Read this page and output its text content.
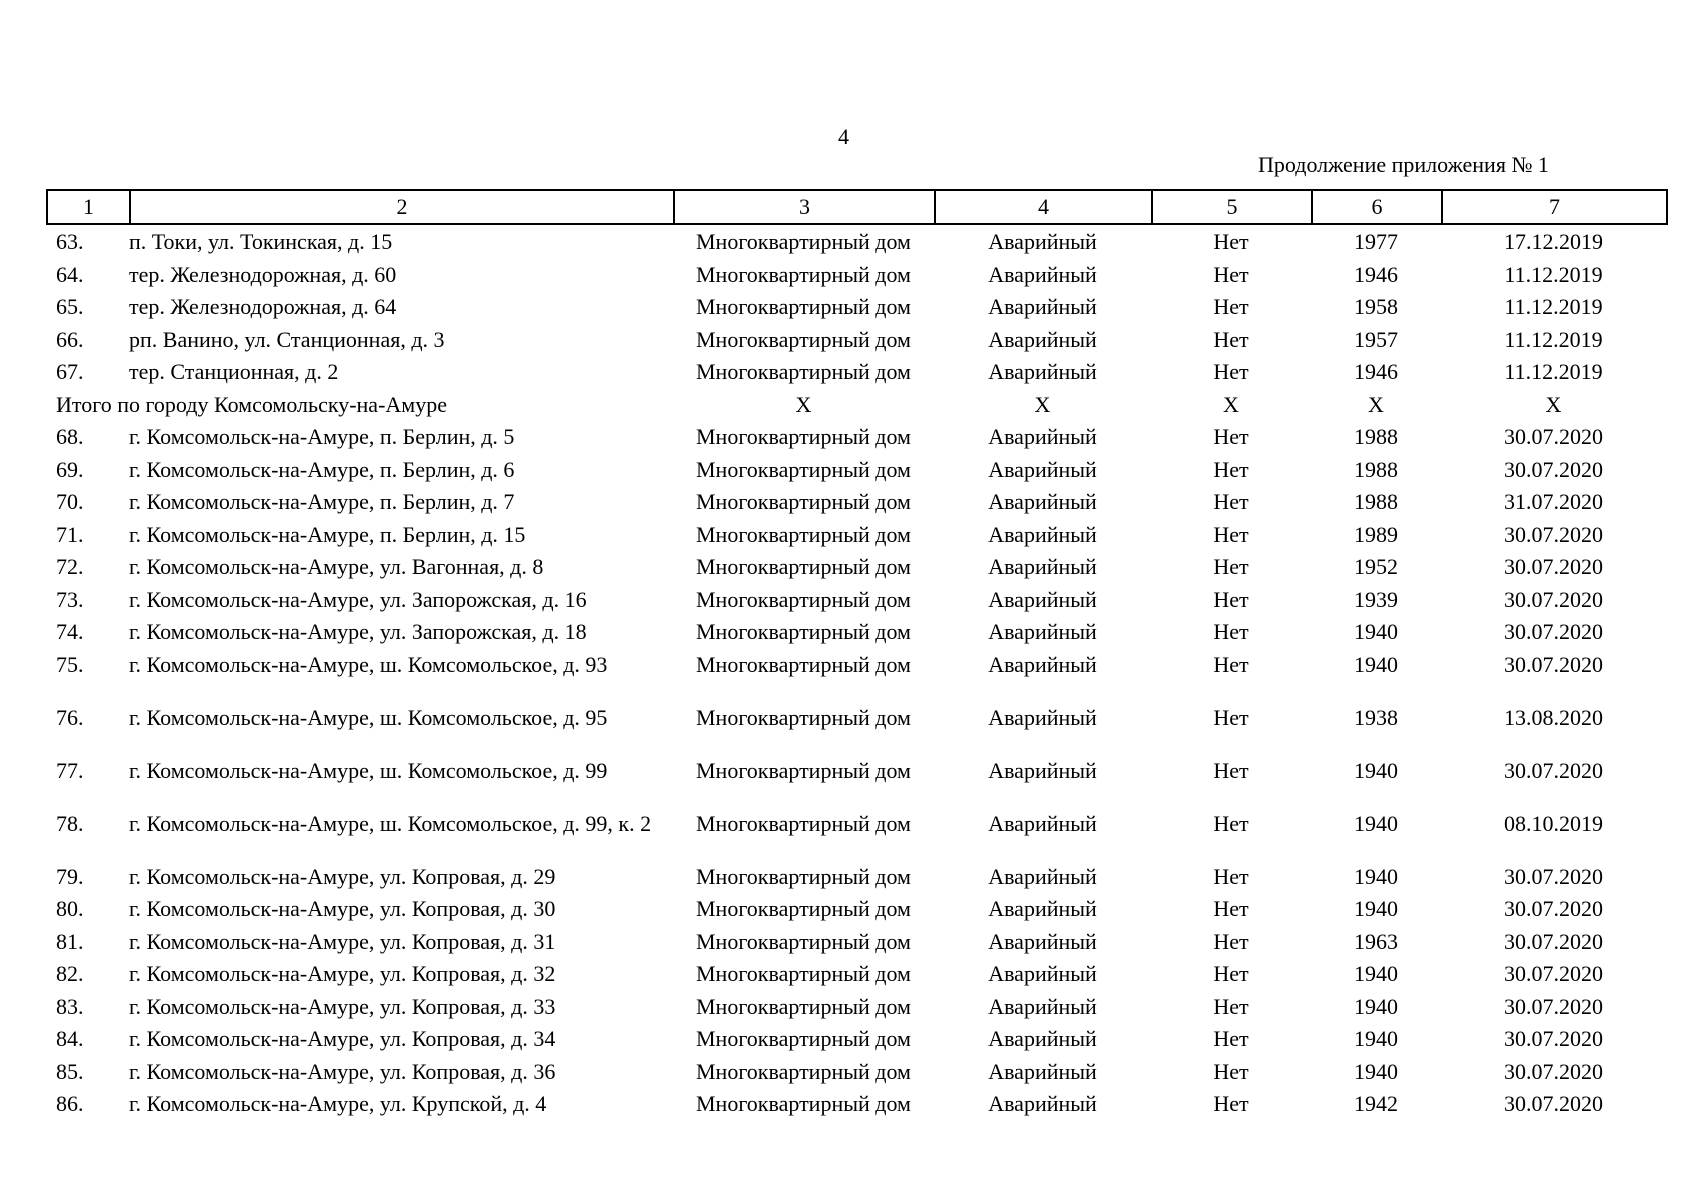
4
Продолжение приложения № 1
1	2	3	4	5	6	7
63.	п. Токи, ул. Токинская, д. 15	Многоквартирный дом	Аварийный	Нет	1977	17.12.2019
64.	тер. Железнодорожная, д. 60	Многоквартирный дом	Аварийный	Нет	1946	11.12.2019
65.	тер. Железнодорожная, д. 64	Многоквартирный дом	Аварийный	Нет	1958	11.12.2019
66.	рп. Ванино, ул. Станционная, д. 3	Многоквартирный дом	Аварийный	Нет	1957	11.12.2019
67.	тер. Станционная, д. 2	Многоквартирный дом	Аварийный	Нет	1946	11.12.2019
Итого по городу Комсомольску-на-Амуре		Х	Х	Х	Х	Х
68.	г. Комсомольск-на-Амуре, п. Берлин, д. 5	Многоквартирный дом	Аварийный	Нет	1988	30.07.2020
69.	г. Комсомольск-на-Амуре, п. Берлин, д. 6	Многоквартирный дом	Аварийный	Нет	1988	30.07.2020
70.	г. Комсомольск-на-Амуре, п. Берлин, д. 7	Многоквартирный дом	Аварийный	Нет	1988	31.07.2020
71.	г. Комсомольск-на-Амуре, п. Берлин, д. 15	Многоквартирный дом	Аварийный	Нет	1989	30.07.2020
72.	г. Комсомольск-на-Амуре, ул. Вагонная, д. 8	Многоквартирный дом	Аварийный	Нет	1952	30.07.2020
73.	г. Комсомольск-на-Амуре, ул. Запорожская, д. 16	Многоквартирный дом	Аварийный	Нет	1939	30.07.2020
74.	г. Комсомольск-на-Амуре, ул. Запорожская, д. 18	Многоквартирный дом	Аварийный	Нет	1940	30.07.2020
75.	г. Комсомольск-на-Амуре, ш. Комсомольское, д. 93	Многоквартирный дом	Аварийный	Нет	1940	30.07.2020
76.	г. Комсомольск-на-Амуре, ш. Комсомольское, д. 95	Многоквартирный дом	Аварийный	Нет	1938	13.08.2020
77.	г. Комсомольск-на-Амуре, ш. Комсомольское, д. 99	Многоквартирный дом	Аварийный	Нет	1940	30.07.2020
78.	г. Комсомольск-на-Амуре, ш. Комсомольское, д. 99, к. 2	Многоквартирный дом	Аварийный	Нет	1940	08.10.2019
79.	г. Комсомольск-на-Амуре, ул. Копровая, д. 29	Многоквартирный дом	Аварийный	Нет	1940	30.07.2020
80.	г. Комсомольск-на-Амуре, ул. Копровая, д. 30	Многоквартирный дом	Аварийный	Нет	1940	30.07.2020
81.	г. Комсомольск-на-Амуре, ул. Копровая, д. 31	Многоквартирный дом	Аварийный	Нет	1963	30.07.2020
82.	г. Комсомольск-на-Амуре, ул. Копровая, д. 32	Многоквартирный дом	Аварийный	Нет	1940	30.07.2020
83.	г. Комсомольск-на-Амуре, ул. Копровая, д. 33	Многоквартирный дом	Аварийный	Нет	1940	30.07.2020
84.	г. Комсомольск-на-Амуре, ул. Копровая, д. 34	Многоквартирный дом	Аварийный	Нет	1940	30.07.2020
85.	г. Комсомольск-на-Амуре, ул. Копровая, д. 36	Многоквартирный дом	Аварийный	Нет	1940	30.07.2020
86.	г. Комсомольск-на-Амуре, ул. Крупской, д. 4	Многоквартирный дом	Аварийный	Нет	1942	30.07.2020
